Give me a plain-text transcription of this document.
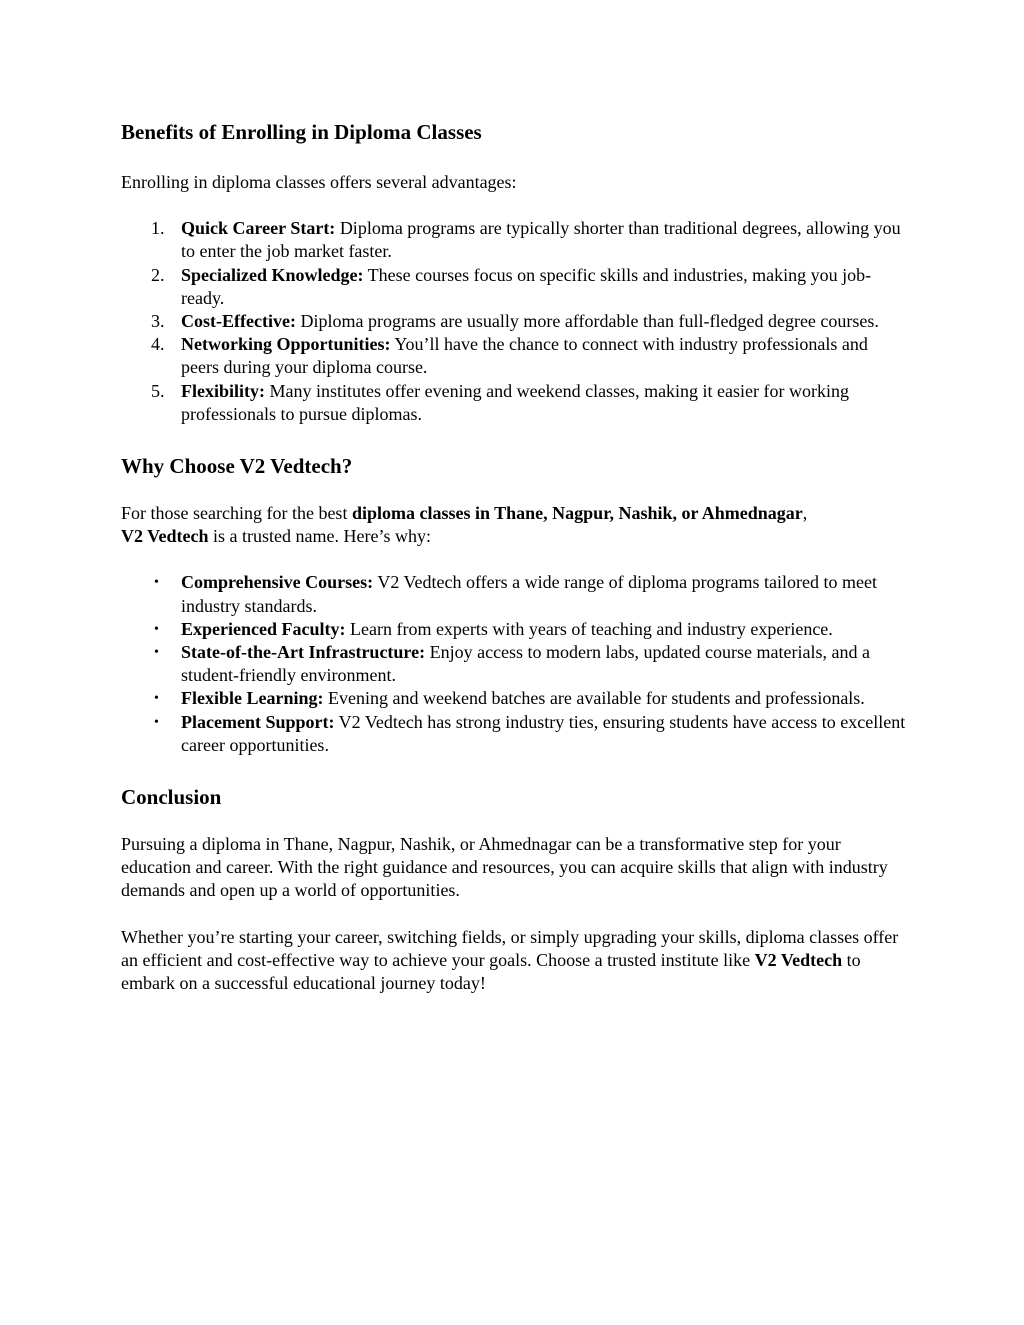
Benefits of Enrolling in Diploma Classes

Enrolling in diploma classes offers several advantages:

1. Quick Career Start: Diploma programs are typically shorter than traditional degrees, allowing you to enter the job market faster.
2. Specialized Knowledge: These courses focus on specific skills and industries, making you job-ready.
3. Cost-Effective: Diploma programs are usually more affordable than full-fledged degree courses.
4. Networking Opportunities: You’ll have the chance to connect with industry professionals and peers during your diploma course.
5. Flexibility: Many institutes offer evening and weekend classes, making it easier for working professionals to pursue diplomas.
Why Choose V2 Vedtech?

For those searching for the best diploma classes in Thane, Nagpur, Nashik, or Ahmednagar,
V2 Vedtech is a trusted name. Here’s why:

• Comprehensive Courses: V2 Vedtech offers a wide range of diploma programs tailored to meet industry standards.
• Experienced Faculty: Learn from experts with years of teaching and industry experience.
• State-of-the-Art Infrastructure: Enjoy access to modern labs, updated course materials, and a student-friendly environment.
• Flexible Learning: Evening and weekend batches are available for students and professionals.
• Placement Support: V2 Vedtech has strong industry ties, ensuring students have access to excellent career opportunities.
Conclusion

Pursuing a diploma in Thane, Nagpur, Nashik, or Ahmednagar can be a transformative step for your education and career. With the right guidance and resources, you can acquire skills that align with industry demands and open up a world of opportunities.

Whether you’re starting your career, switching fields, or simply upgrading your skills, diploma classes offer an efficient and cost-effective way to achieve your goals. Choose a trusted institute like V2 Vedtech to embark on a successful educational journey today!
